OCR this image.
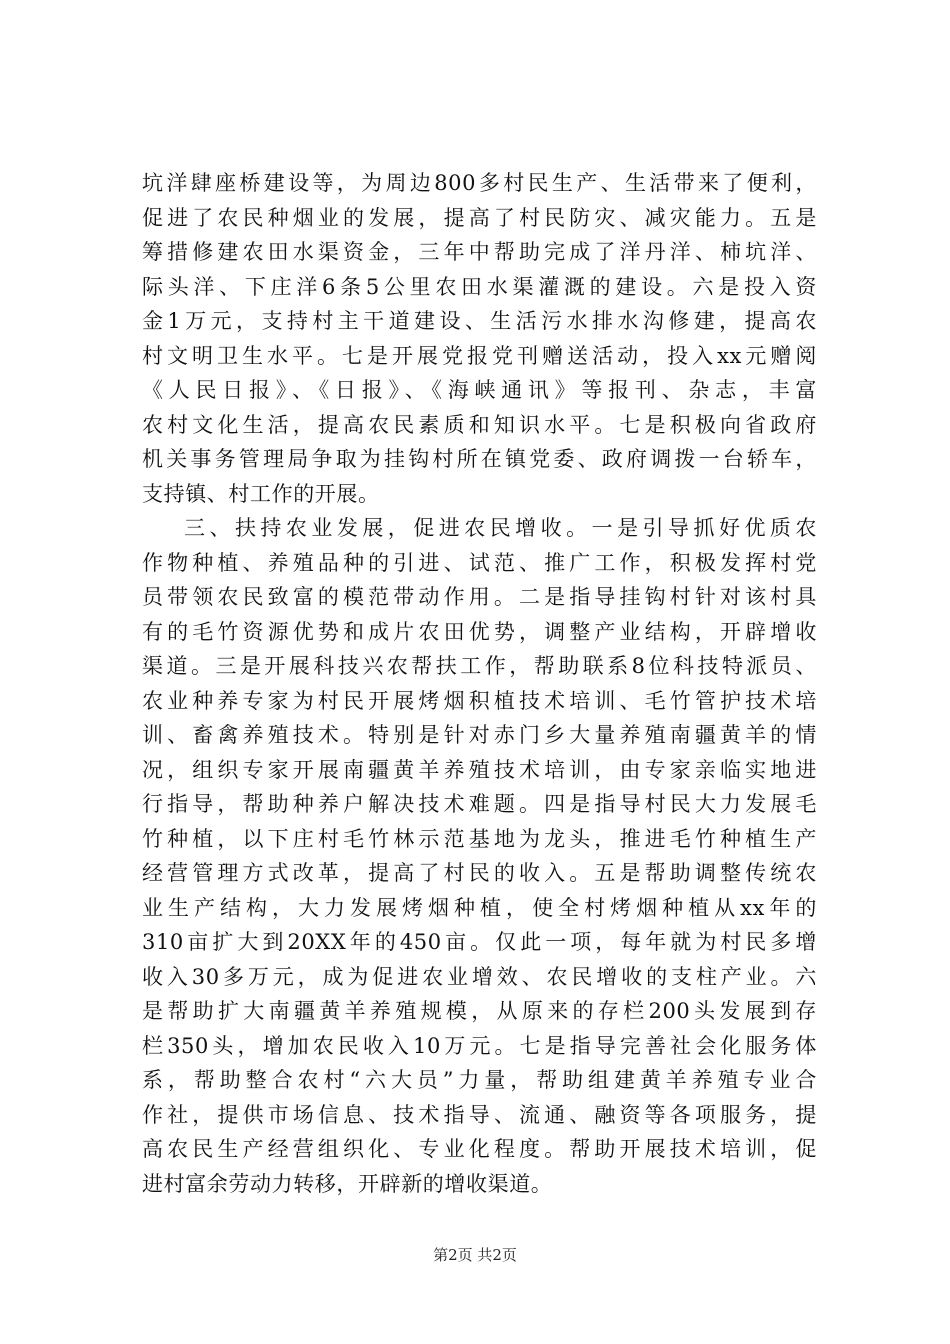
坑洋肆座桥建设等，为周边800多村民生产、生活带来了便利，
促进了农民种烟业的发展，提高了村民防灾、减灾能力。五是
筹措修建农田水渠资金，三年中帮助完成了洋丹洋、柿坑洋、
际头洋、下庄洋6条5公里农田水渠灌溉的建设。六是投入资
金1万元，支持村主干道建设、生活污水排水沟修建，提高农
村文明卫生水平。七是开展党报党刊赠送活动，投入xx元赠阅
《人民日报》、《日报》、《海峡通讯》等报刊、杂志，丰富
农村文化生活，提高农民素质和知识水平。七是积极向省政府
机关事务管理局争取为挂钩村所在镇党委、政府调拨一台轿车，
支持镇、村工作的开展。
三、扶持农业发展，促进农民增收。一是引导抓好优质农
作物种植、养殖品种的引进、试范、推广工作，积极发挥村党
员带领农民致富的模范带动作用。二是指导挂钩村针对该村具
有的毛竹资源优势和成片农田优势，调整产业结构，开辟增收
渠道。三是开展科技兴农帮扶工作，帮助联系8位科技特派员、
农业种养专家为村民开展烤烟积植技术培训、毛竹管护技术培
训、畜禽养殖技术。特别是针对赤门乡大量养殖南疆黄羊的情
况，组织专家开展南疆黄羊养殖技术培训，由专家亲临实地进
行指导，帮助种养户解决技术难题。四是指导村民大力发展毛
竹种植，以下庄村毛竹林示范基地为龙头，推进毛竹种植生产
经营管理方式改革，提高了村民的收入。五是帮助调整传统农
业生产结构，大力发展烤烟种植，使全村烤烟种植从xx年的
310亩扩大到20XX年的450亩。仅此一项，每年就为村民多增
收入30多万元，成为促进农业增效、农民增收的支柱产业。六
是帮助扩大南疆黄羊养殖规模，从原来的存栏200头发展到存
栏350头，增加农民收入10万元。七是指导完善社会化服务体
系，帮助整合农村“六大员”力量，帮助组建黄羊养殖专业合
作社，提供市场信息、技术指导、流通、融资等各项服务，提
高农民生产经营组织化、专业化程度。帮助开展技术培训，促
进村富余劳动力转移，开辟新的增收渠道。
第2页 共2页
